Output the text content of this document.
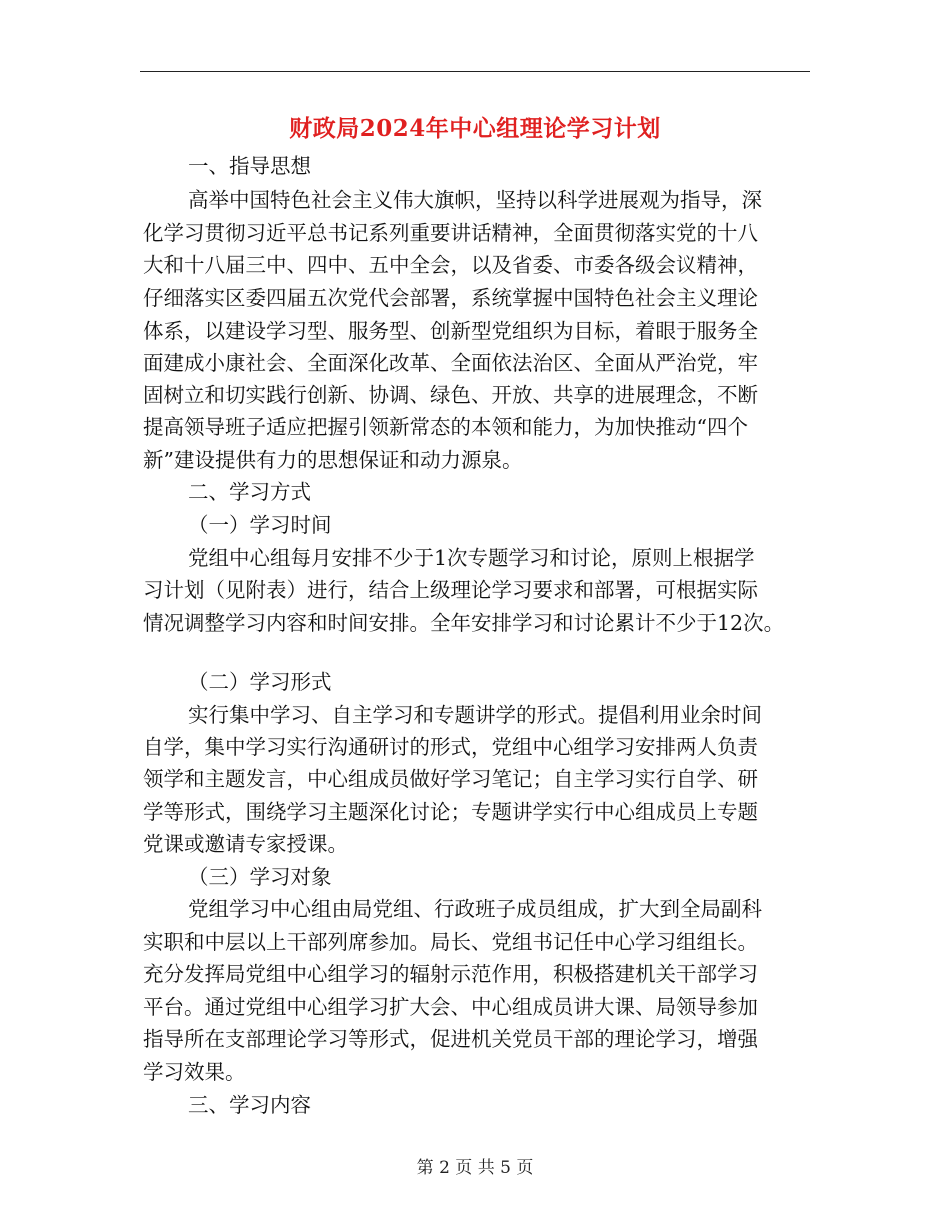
财政局2024年中心组理论学习计划
一、指导思想
高举中国特色社会主义伟大旗帜，坚持以科学进展观为指导，深
化学习贯彻习近平总书记系列重要讲话精神，全面贯彻落实党的十八
大和十八届三中、四中、五中全会，以及省委、市委各级会议精神，
仔细落实区委四届五次党代会部署，系统掌握中国特色社会主义理论
体系，以建设学习型、服务型、创新型党组织为目标，着眼于服务全
面建成小康社会、全面深化改革、全面依法治区、全面从严治党，牢
固树立和切实践行创新、协调、绿色、开放、共享的进展理念，不断
提高领导班子适应把握引领新常态的本领和能力，为加快推动“四个
新”建设提供有力的思想保证和动力源泉。
二、学习方式
（一）学习时间
党组中心组每月安排不少于1次专题学习和讨论，原则上根据学
习计划（见附表）进行，结合上级理论学习要求和部署，可根据实际
情况调整学习内容和时间安排。全年安排学习和讨论累计不少于12次。
（二）学习形式
实行集中学习、自主学习和专题讲学的形式。提倡利用业余时间
自学，集中学习实行沟通研讨的形式，党组中心组学习安排两人负责
领学和主题发言，中心组成员做好学习笔记；自主学习实行自学、研
学等形式，围绕学习主题深化讨论；专题讲学实行中心组成员上专题
党课或邀请专家授课。
（三）学习对象
党组学习中心组由局党组、行政班子成员组成，扩大到全局副科
实职和中层以上干部列席参加。局长、党组书记任中心学习组组长。
充分发挥局党组中心组学习的辐射示范作用，积极搭建机关干部学习
平台。通过党组中心组学习扩大会、中心组成员讲大课、局领导参加
指导所在支部理论学习等形式，促进机关党员干部的理论学习，增强
学习效果。
三、学习内容
第 2 页 共 5 页
